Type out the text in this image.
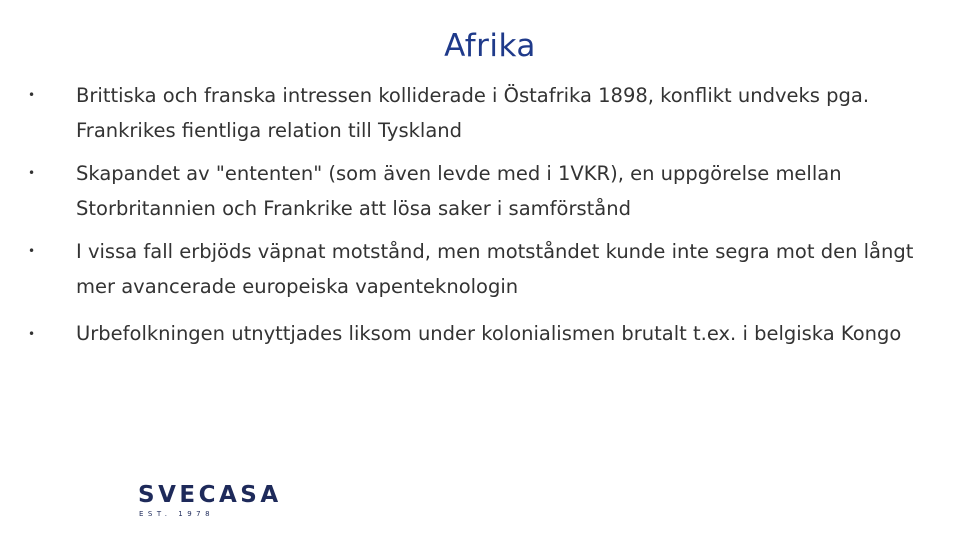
Afrika
• Brittiska och franska intressen kolliderade i Östafrika 1898, konflikt undveks pga. Frankrikes fientliga relation till Tyskland
• Skapandet av "ententen" (som även levde med i 1VKR), en uppgörelse mellan Storbritannien och Frankrike att lösa saker i samförstånd
• I vissa fall erbjöds väpnat motstånd, men motståndet kunde inte segra mot den långt mer avancerade europeiska vapenteknologin
• Urbefolkningen utnyttjades liksom under kolonialismen brutalt t.ex. i belgiska Kongo
SVECASA
EST. 1978
